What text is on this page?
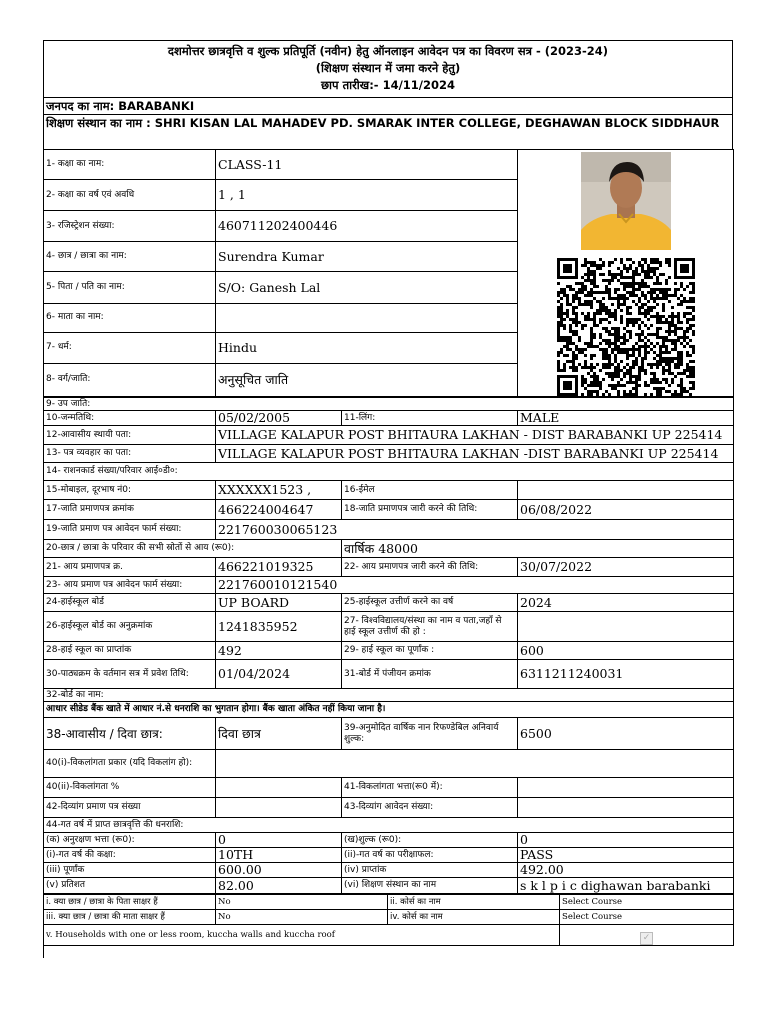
दशमोत्तर छात्रवृत्ति व शुल्क प्रतिपूर्ति (नवीन) हेतु ऑनलाइन आवेदन पत्र का विवरण सत्र - (2023-24)
(शिक्षण संस्थान में जमा करने हेतु)
छाप तारीख:- 14/11/2024
जनपद का नाम: BARABANKI
शिक्षण संस्थान का नाम : SHRI KISAN LAL MAHADEV PD. SMARAK INTER COLLEGE, DEGHAWAN BLOCK SIDDHAUR
1- कक्षा का नाम:	CLASS-11	

2- कक्षा का वर्ष एवं अवधि	1 , 1	
3- रजिस्ट्रेशन संख्या:	460711202400446	
4- छात्र / छात्रा का नाम:	Surendra Kumar	
5- पिता / पति का नाम:	S/O: Ganesh Lal	
6- माता का नाम:		
7- धर्म:	Hindu	
8- वर्ग/जाति:	अनुसूचित जाति	
9- उप जाति:			
10-जन्मतिथि:	05/02/2005	11-लिंग:	MALE
12-आवासीय स्थायी पता:	VILLAGE KALAPUR POST BHITAURA LAKHAN - DIST BARABANKI UP 225414		
13- पत्र व्यवहार का पता:	VILLAGE KALAPUR POST BHITAURA LAKHAN -DIST BARABANKI UP 225414		
14- राशनकार्ड संख्या/परिवार आई०डी०:			
15-मोबाइल, दूरभाष नं0:	XXXXXX1523 ,	16-ईमेल	
17-जाति प्रमाणपत्र क्रमांक	466224004647	18-जाति प्रमाणपत्र जारी करने की तिथि:	06/08/2022
19-जाति प्रमाण पत्र आवेदन फार्म संख्या:	221760030065123		
20-छात्र / छात्रा के परिवार की सभी स्रोतों से आय (रू0):		वार्षिक 48000	
21- आय प्रमाणपत्र क्र.	466221019325	22- आय प्रमाणपत्र जारी करने की तिथि:	30/07/2022
23- आय प्रमाण पत्र आवेदन फार्म संख्या:	221760010121540		
24-हाईस्कूल बोर्ड	UP BOARD	25-हाईस्कूल उत्तीर्ण करने का वर्ष	2024
26-हाईस्कूल बोर्ड का अनुक्रमांक	1241835952	27- विश्वविद्यालय/संस्था का नाम व पता,जहाँ से हाई स्कूल उत्तीर्ण की हो :	
28-हाई स्कूल का प्राप्तांक	492	29- हाई स्कूल का पूर्णांक :	600
30-पाठ्यक्रम के वर्तमान सत्र में प्रवेश तिथि:	01/04/2024	31-बोर्ड में पंजीयन क्रमांक	6311211240031
32-बोर्ड का नाम:			
आधार सीडेड बैंक खाते में आधार नं.से धनराशि का भुगतान होगा। बैंक खाता अंकित नहीं किया जाना है।			
38-आवासीय / दिवा छात्र:	दिवा छात्र	39-अनुमोदित वार्षिक नान रिफण्डेबिल अनिवार्य शुल्क:	6500
40(i)-विकलांगता प्रकार (यदि विकलांग हो):			
40(ii)-विकलांगता %		41-विकलांगता भत्ता(रू0 में):	
42-दिव्यांग प्रमाण पत्र संख्या		43-दिव्यांग आवेदन संख्या:	
44-गत वर्ष में प्राप्त छात्रवृत्ति की धनराशि:			
(क) अनुरक्षण भत्ता (रू0):	0	(ख)शुल्क (रू0):	0
(i)-गत वर्ष की कक्षा:	10TH	(ii)-गत वर्ष का परीक्षाफल:	PASS
(iii) पूर्णांक	600.00	(iv) प्राप्तांक	492.00
(v) प्रतिशत	82.00	(vi) शिक्षण संस्थान का नाम	s k l p i c dighawan barabanki
i. क्या छात्र / छात्रा के पिता साक्षर हैं	No	ii. कोर्स का नाम	Select Course
iii. क्या छात्र / छात्रा की माता साक्षर हैं	No	iv. कोर्स का नाम	Select Course
v. Households with one or less room, kuccha walls and kuccha roof			✓
